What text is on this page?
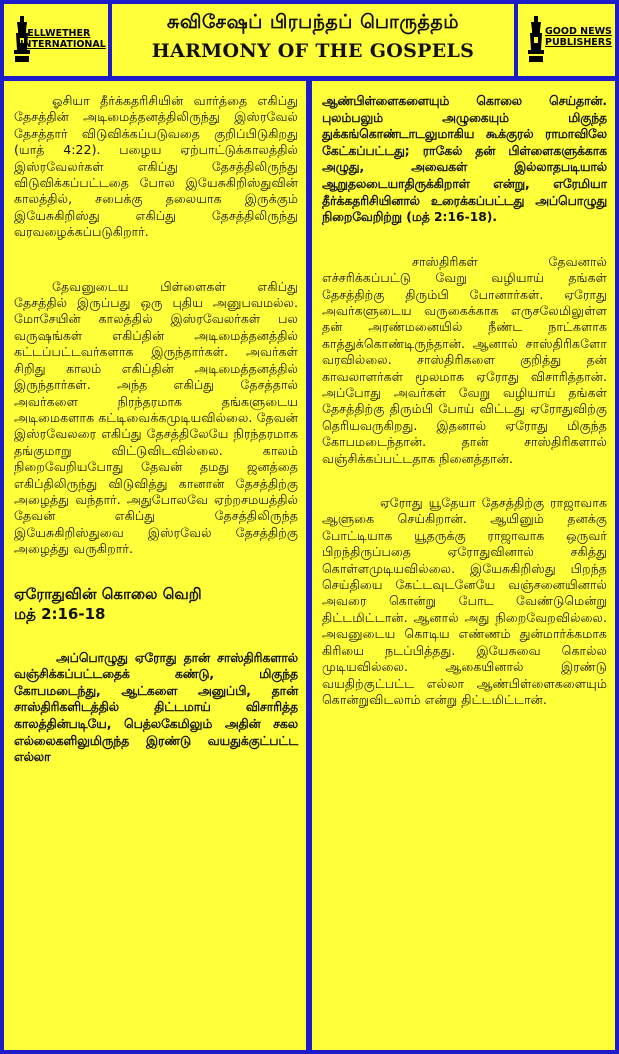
BELLWETHER
INTERNATIONAL
சுவிசேஷப் பிரபந்தப் பொருத்தம்
HARMONY OF THE GOSPELS
GOOD NEWS
PUBLISHERS

ஓசியா தீர்க்கதரிசியின் வார்த்தை எகிப்து தேசத்தின் அடிமைத்தனத்திலிருந்து இஸ்ரவேல் தேசத்தார் விடுவிக்கப்படுவதை குறிப்பிடுகிறது (யாத் 4:22). பழைய ஏற்பாட்டுக்காலத்தில் இஸ்ரவேலர்கள் எகிப்து தேசத்திலிருந்து விடுவிக்கப்பட்டதை போல இயேசுகிறிஸ்துவின் காலத்தில், சபைக்கு தலையாக இருக்கும் இயேசுகிறிஸ்து எகிப்து தேசத்திலிருந்து வரவழைக்கப்படுகிறார்.

தேவனுடைய பிள்ளைகள் எகிப்து தேசத்தில் இருப்பது ஒரு புதிய அனுபவமல்ல. மோசேயின் காலத்தில் இஸ்ரவேலர்கள் பல வருஷங்கள் எகிப்தின் அடிமைத்தனத்தில் கட்டப்பட்டவர்களாக இருந்தார்கள். அவர்கள் சிறிது காலம் எகிப்தின் அடிமைத்தனத்தில் இருந்தார்கள். அந்த எகிப்து தேசத்தால் அவர்களை நிரந்தரமாக தங்களுடைய அடிமைகளாக கட்டிவைக்கமுடியவில்லை. தேவன் இஸ்ரவேலரை எகிப்து தேசத்திலேயே நிரந்தரமாக தங்குமாறு விட்டுவிடவில்லை. காலம் நிறைவேறியபோது தேவன் தமது ஜனத்தை எகிப்திலிருந்து விடுவித்து கானான் தேசத்திற்கு அழைத்து வந்தார். அதுபோலவே ஏற்றசமயத்தில் தேவன் எகிப்து தேசத்திலிருந்த இயேசுகிறிஸ்துவை இஸ்ரவேல் தேசத்திற்கு அழைத்து வருகிறார்.

ஏரோதுவின் கொலை வெறி
மத் 2:16-18

அப்பொழுது ஏரோது தான் சாஸ்திரிகளால் வஞ்சிக்கப்பட்டதைக் கண்டு, மிகுந்த கோபமடைந்து, ஆட்களை அனுப்பி, தான் சாஸ்திரிகளிடத்தில் திட்டமாய் விசாரித்த காலத்தின்படியே, பெத்லகேமிலும் அதின் சகல எல்லைகளிலுமிருந்த இரண்டு வயதுக்குட்பட்ட எல்லா

ஆண்பிள்ளைகளையும் கொலை செய்தான். புலம்பலும் அழுகையும் மிகுந்த துக்கங்கொண்டாடலுமாகிய கூக்குரல் ராமாவிலே கேட்கப்பட்டது; ராகேல் தன் பிள்ளைகளுக்காக அழுது, அவைகள் இல்லாதபடியால் ஆறுதலடையாதிருக்கிறாள் என்று, எரேமியா தீர்க்கதரிசியினால் உரைக்கப்பட்டது அப்பொழுது நிறைவேறிற்று (மத் 2:16-18).

சாஸ்திரிகள் தேவனால் எச்சரிக்கப்பட்டு வேறு வழியாய் தங்கள் தேசத்திற்கு திரும்பி போனார்கள். ஏரோது அவர்களுடைய வருகைக்காக எருசலேமிலுள்ள தன் அரண்மனையில் நீண்ட நாட்களாக காத்துக்கொண்டிருந்தான். ஆனால் சாஸ்திரிகளோ வரவில்லை. சாஸ்திரிகளை குறித்து தன் காவலாளர்கள் மூலமாக ஏரோது விசாரித்தான். அப்போது அவர்கள் வேறு வழியாய் தங்கள் தேசத்திற்கு திரும்பி போய் விட்டது ஏரோதுவிற்கு தெரியவருகிறது. இதனால் ஏரோது மிகுந்த கோபமடைந்தான். தான் சாஸ்திரிகளால் வஞ்சிக்கப்பட்டதாக நினைத்தான்.

ஏரோது யூதேயா தேசத்திற்கு ராஜாவாக ஆளுகை செய்கிறான். ஆயினும் தனக்கு போட்டியாக யூதருக்கு ராஜாவாக ஒருவர் பிறந்திருப்பதை ஏரோதுவினால் சகித்து கொள்ளமுடியவில்லை. இயேசுகிறிஸ்து பிறந்த செய்தியை கேட்டவுடனேயே வஞ்சனையினால் அவரை கொன்று போட வேண்டுமென்று திட்டமிட்டான். ஆனால் அது நிறைவேறவில்லை. அவனுடைய கொடிய எண்ணம் துன்மார்க்கமாக கிரியை நடப்பித்தது. இயேசுவை கொல்ல முடியவில்லை. ஆகையினால் இரண்டு வயதிற்குட்பட்ட எல்லா ஆண்பிள்ளைகளையும் கொன்றுவிடலாம் என்று திட்டமிட்டான்.
